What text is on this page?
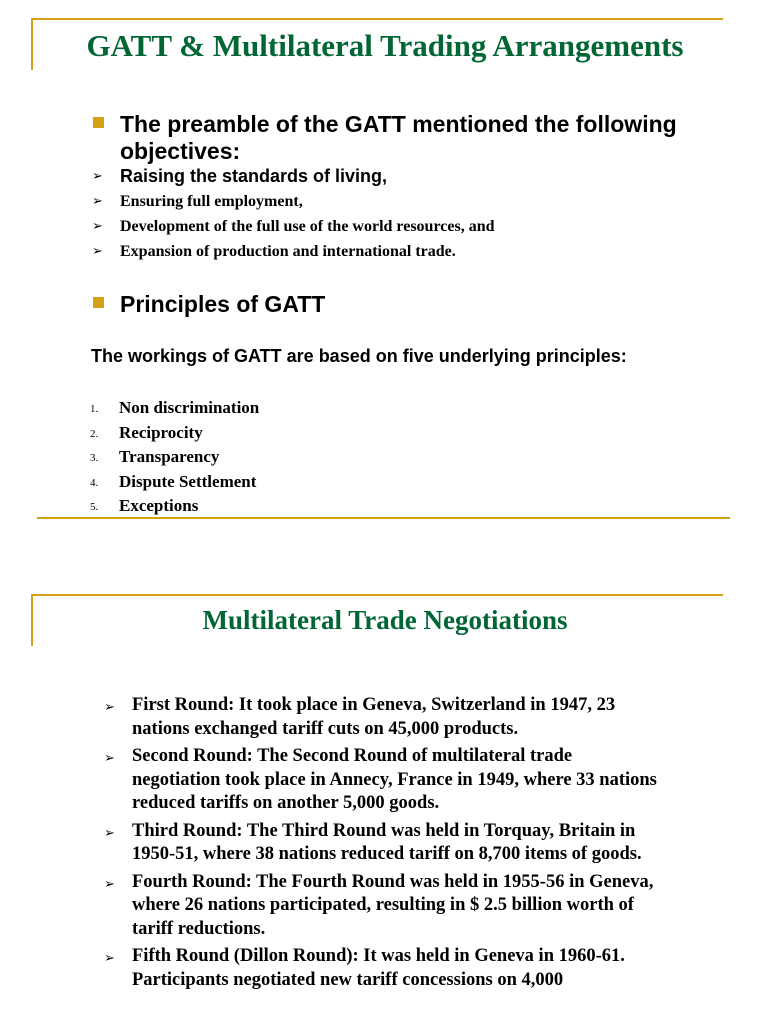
GATT & Multilateral Trading Arrangements

The preamble of the GATT mentioned the following objectives:

➢ Raising the standards of living,
➢ Ensuring full employment,
➢ Development of the full use of the world resources, and
➢ Expansion of production and international trade.

Principles of GATT

The workings of GATT are based on five underlying principles:

1. Non discrimination
2. Reciprocity
3. Transparency
4. Dispute Settlement
5. Exceptions
Multilateral Trade Negotiations
➢ First Round: It took place in Geneva, Switzerland in 1947, 23 nations exchanged tariff cuts on 45,000 products.
➢ Second Round: The Second Round of multilateral trade negotiation took place in Annecy, France in 1949, where 33 nations reduced tariffs on another 5,000 goods.
➢ Third Round: The Third Round was held in Torquay, Britain in 1950-51, where 38 nations reduced tariff on 8,700 items of goods.
➢ Fourth Round: The Fourth Round was held in 1955-56 in Geneva, where 26 nations participated, resulting in $ 2.5 billion worth of tariff reductions.
➢ Fifth Round (Dillon Round): It was held in Geneva in 1960-61. Participants negotiated new tariff concessions on 4,000
